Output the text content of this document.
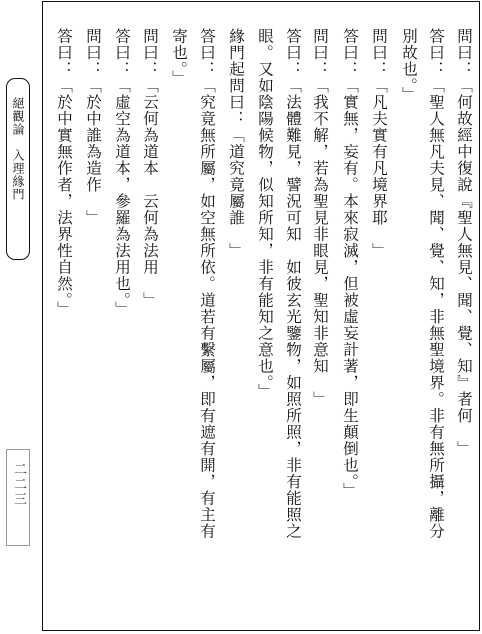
問曰：「何故經中復說『聖人無見、聞、覺、知』者何　」
答曰：「聖人無凡夫見、聞、覺、知，非無聖境界。非有無所攝，離分
別故也。」
問曰：「凡夫實有凡境界耶　」
答曰：「實無，妄有。本來寂滅，但被虛妄計著，即生顛倒也。」
問曰：「我不解，若為聖見非眼見，聖知非意知　」
答曰：「法體難見，譬況可知　如彼玄光鑒物，如照所照，非有能照之
眼。又如陰陽候物，似知所知，非有能知之意也。」
緣門起問曰：「道究竟屬誰　」
答曰：「究竟無所屬，如空無所依。道若有繫屬，即有遮有開，有主有
寄也。」
問曰：「云何為道本　云何為法用　」
答曰：「虛空為道本，參羅為法用也。」
問曰：「於中誰為造作　」
答曰：「於中實無作者，法界性自然。」
絕觀論　入理緣門
二二三
